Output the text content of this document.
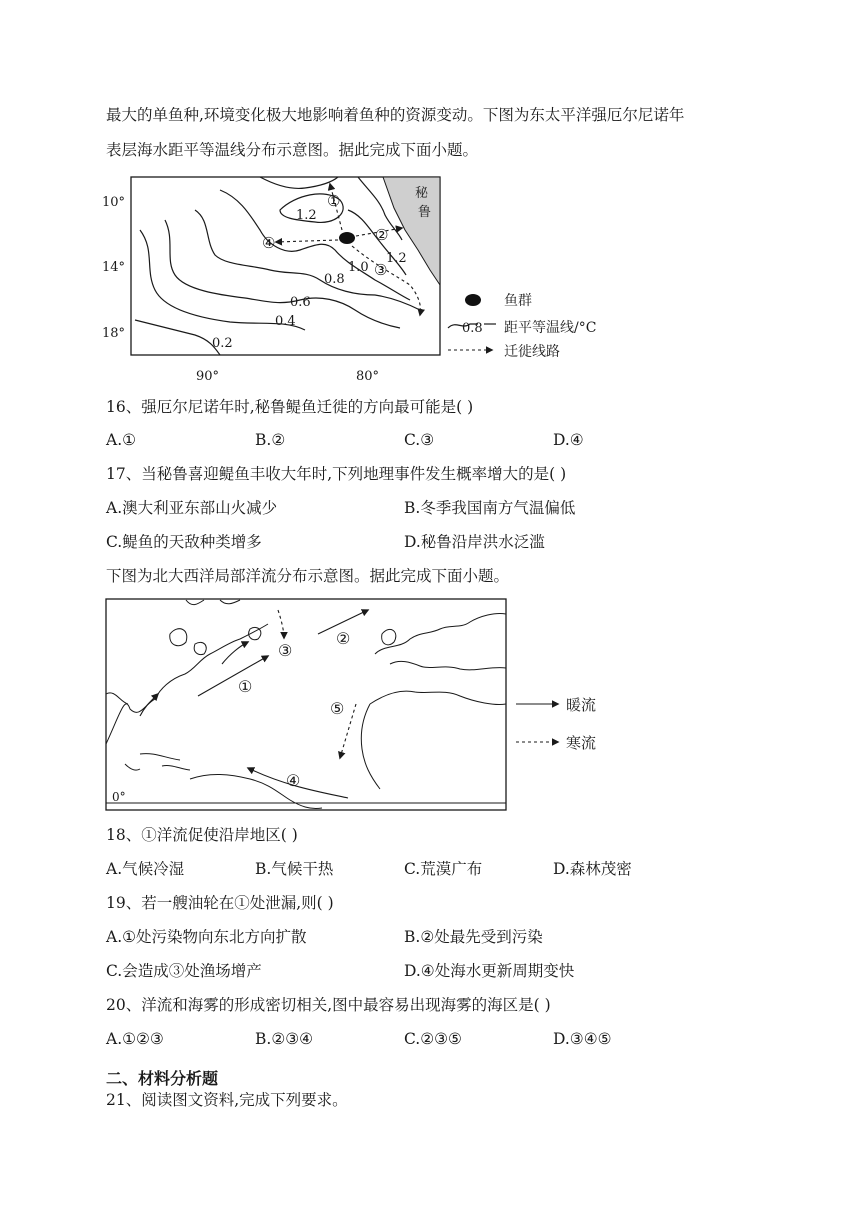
最大的单鱼种,环境变化极大地影响着鱼种的资源变动。下图为东太平洋强厄尔尼诺年
表层海水距平等温线分布示意图。据此完成下面小题。
秘
鲁
1.2
1.2
1.0
0.8
0.6
0.4
0.2
①
②
③
④
10°
14°
18°
90°	80°
鱼群
0.8 距平等温线/°C
迁徙线路
16、强厄尔尼诺年时,秘鲁鳀鱼迁徙的方向最可能是( )
A.①	B.②	C.③	D.④
17、当秘鲁喜迎鳀鱼丰收大年时,下列地理事件发生概率增大的是( )
A.澳大利亚东部山火减少	B.冬季我国南方气温偏低
C.鳀鱼的天敌种类增多	D.秘鲁沿岸洪水泛滥
下图为北大西洋局部洋流分布示意图。据此完成下面小题。
0°
①
②
③
④
⑤	暖流
寒流
18、①洋流促使沿岸地区( )
A.气候冷湿	B.气候干热	C.荒漠广布	D.森林茂密
19、若一艘油轮在①处泄漏,则( )
A.①处污染物向东北方向扩散	B.②处最先受到污染
C.会造成③处渔场增产	D.④处海水更新周期变快
20、洋流和海雾的形成密切相关,图中最容易出现海雾的海区是( )
A.①②③	B.②③④	C.②③⑤	D.③④⑤
二、材料分析题
21、阅读图文资料,完成下列要求。
